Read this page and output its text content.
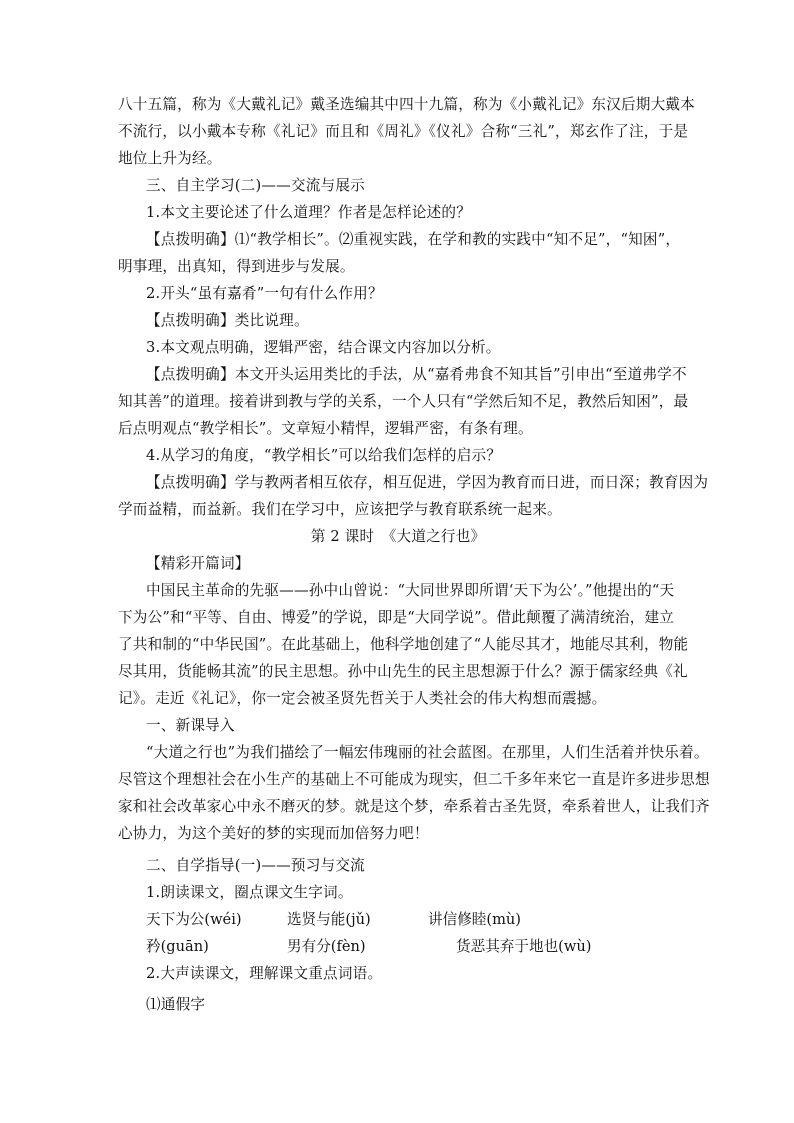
八十五篇，称为《大戴礼记》戴圣选编其中四十九篇，称为《小戴礼记》东汉后期大戴本
不流行，以小戴本专称《礼记》而且和《周礼》《仪礼》合称“三礼”，郑玄作了注，于是
地位上升为经。
三、自主学习(二)——交流与展示
1.本文主要论述了什么道理？作者是怎样论述的？
【点拨明确】⑴“教学相长”。⑵重视实践，在学和教的实践中“知不足”，“知困”，
明事理，出真知，得到进步与发展。
2.开头“虽有嘉肴”一句有什么作用？
【点拨明确】类比说理。
3.本文观点明确，逻辑严密，结合课文内容加以分析。
【点拨明确】本文开头运用类比的手法，从“嘉肴弗食不知其旨”引申出“至道弗学不
知其善”的道理。接着讲到教与学的关系，一个人只有“学然后知不足，教然后知困”，最
后点明观点“教学相长”。文章短小精悍，逻辑严密，有条有理。
4.从学习的角度，“教学相长”可以给我们怎样的启示？
【点拨明确】学与教两者相互依存，相互促进，学因为教育而日进，而日深；教育因为
学而益精，而益新。我们在学习中，应该把学与教育联系统一起来。
第 2 课时　《大道之行也》
【精彩开篇词】
中国民主革命的先驱——孙中山曾说：“大同世界即所谓‘天下为公’。”他提出的“天
下为公”和“平等、自由、博爱”的学说，即是“大同学说”。借此颠覆了满清统治，建立
了共和制的“中华民国”。在此基础上，他科学地创建了“人能尽其才，地能尽其利，物能
尽其用，货能畅其流”的民主思想。孙中山先生的民主思想源于什么？源于儒家经典《礼
记》。走近《礼记》，你一定会被圣贤先哲关于人类社会的伟大构想而震撼。
一、新课导入
“大道之行也”为我们描绘了一幅宏伟瑰丽的社会蓝图。在那里，人们生活着并快乐着。
尽管这个理想社会在小生产的基础上不可能成为现实，但二千多年来它一直是许多进步思想
家和社会改革家心中永不磨灭的梦。就是这个梦，牵系着古圣先贤，牵系着世人，让我们齐
心协力，为这个美好的梦的实现而加倍努力吧！
二、自学指导(一)——预习与交流
1.朗读课文，圈点课文生字词。
天下为公(wéi)	选贤与能(jǔ)	讲信修睦(mù)
矜(guān)	男有分(fèn)	货恶其弃于地也(wù)
2.大声读课文，理解课文重点词语。
⑴通假字
